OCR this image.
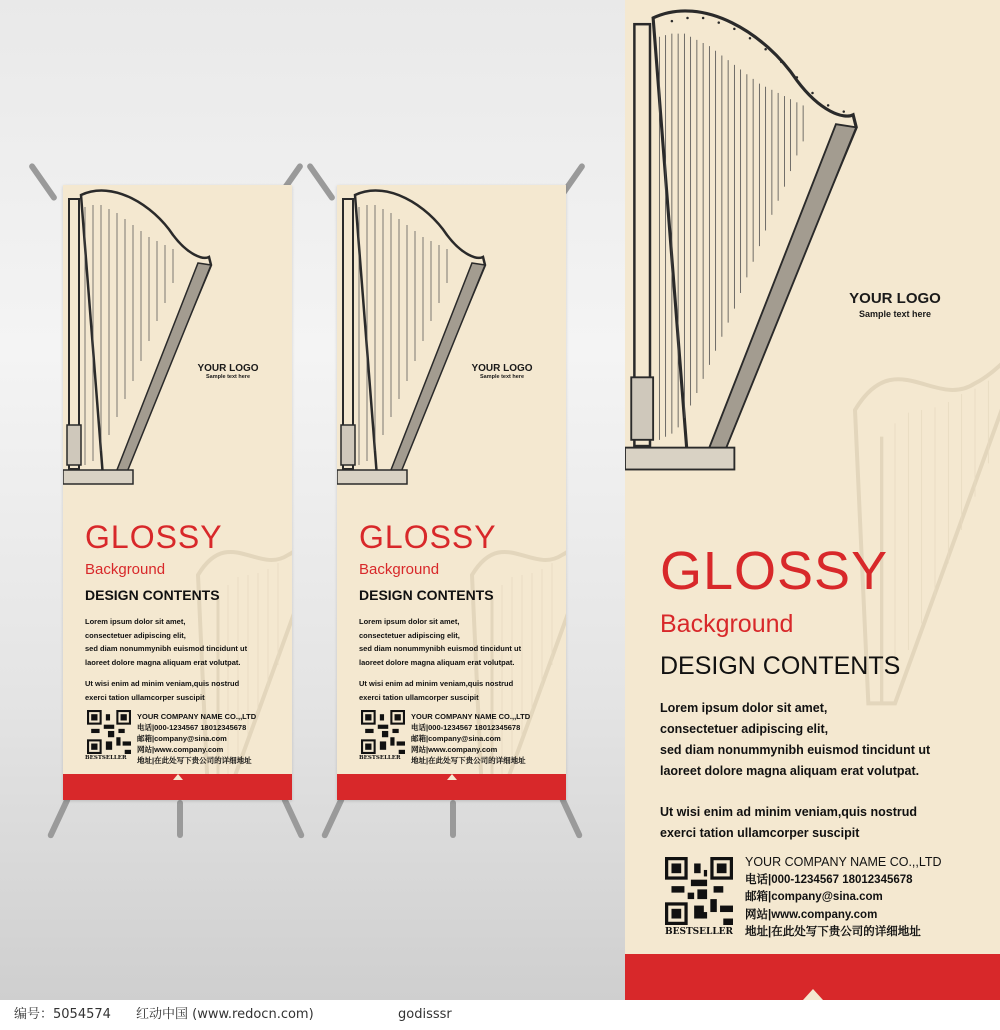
YOUR LOGO
Sample text here
GLOSSY
Background
DESIGN CONTENTS

Lorem ipsum dolor sit amet,

consectetuer adipiscing elit,

sed diam nonummynibh euismod tincidunt ut

laoreet dolore magna aliquam erat volutpat.

Ut wisi enim ad minim veniam,quis nostrud

exerci tation ullamcorper suscipit

BESTSELLER

YOUR COMPANY NAME CO.,,LTD

电话|000-1234567 18012345678

邮箱|company@sina.com

网站|www.company.com

地址|在此处写下贵公司的详细地址

YOUR LOGO
Sample text here
GLOSSY
Background
DESIGN CONTENTS

Lorem ipsum dolor sit amet,

consectetuer adipiscing elit,

sed diam nonummynibh euismod tincidunt ut

laoreet dolore magna aliquam erat volutpat.

Ut wisi enim ad minim veniam,quis nostrud

exerci tation ullamcorper suscipit

BESTSELLER

YOUR COMPANY NAME CO.,,LTD

电话|000-1234567 18012345678

邮箱|company@sina.com

网站|www.company.com

地址|在此处写下贵公司的详细地址

YOUR LOGO
Sample text here
GLOSSY
Background
DESIGN CONTENTS

Lorem ipsum dolor sit amet,

consectetuer adipiscing elit,

sed diam nonummynibh euismod tincidunt ut

laoreet dolore magna aliquam erat volutpat.

Ut wisi enim ad minim veniam,quis nostrud

exerci tation ullamcorper suscipit

BESTSELLER

YOUR COMPANY NAME CO.,,LTD

电话|000-1234567 18012345678

邮箱|company@sina.com

网站|www.company.com

地址|在此处写下贵公司的详细地址

编号：5054574 红动中国 (www.redocn.com)	godisssr
